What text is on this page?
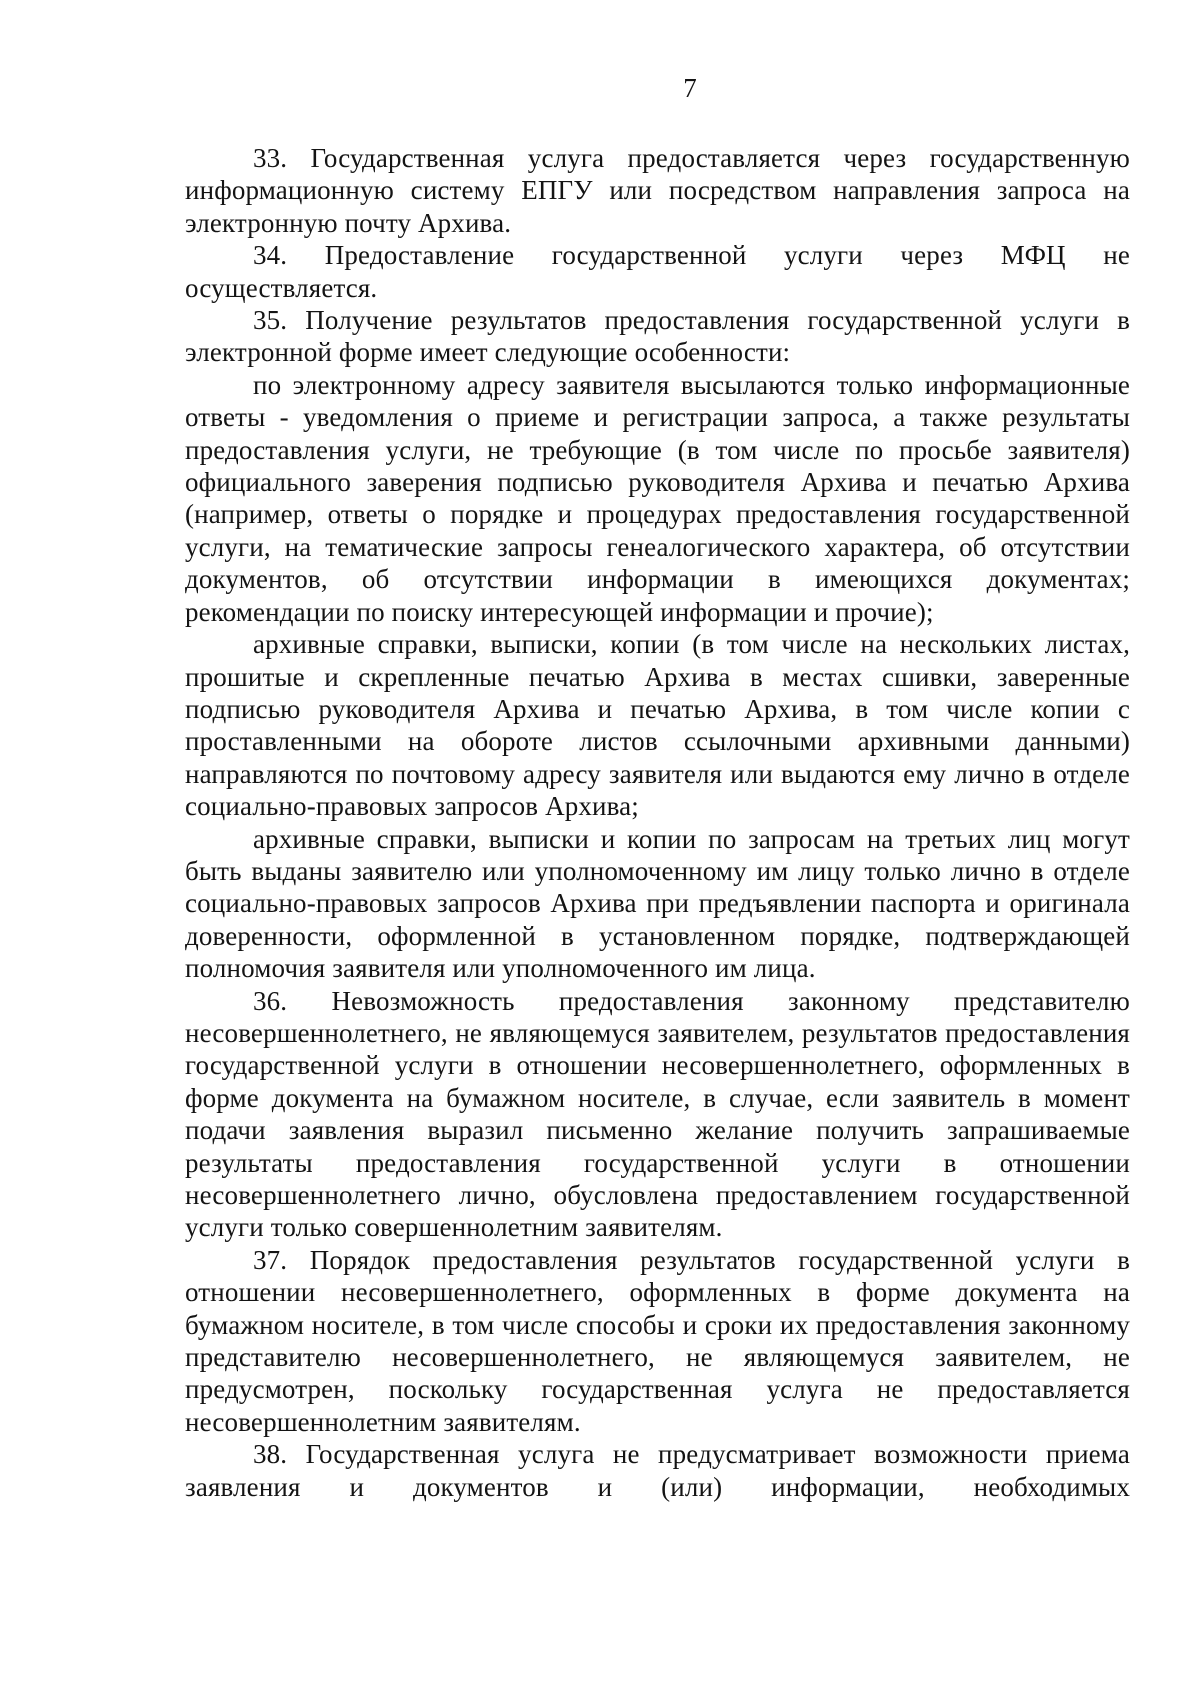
7

33. Государственная услуга предоставляется через государственную информационную систему ЕПГУ или посредством направления запроса на электронную почту Архива.

34. Предоставление государственной услуги через МФЦ не осуществляется.

35. Получение результатов предоставления государственной услуги в электронной форме имеет следующие особенности:

по электронному адресу заявителя высылаются только информационные ответы - уведомления о приеме и регистрации запроса, а также результаты предоставления услуги, не требующие (в том числе по просьбе заявителя) официального заверения подписью руководителя Архива и печатью Архива (например, ответы о порядке и процедурах предоставления государственной услуги, на тематические запросы генеалогического характера, об отсутствии документов, об отсутствии информации в имеющихся документах; рекомендации по поиску интересующей информации и прочие);

архивные справки, выписки, копии (в том числе на нескольких листах, прошитые и скрепленные печатью Архива в местах сшивки, заверенные подписью руководителя Архива и печатью Архива, в том числе копии с проставленными на обороте листов ссылочными архивными данными) направляются по почтовому адресу заявителя или выдаются ему лично в отделе социально-правовых запросов Архива;

архивные справки, выписки и копии по запросам на третьих лиц могут быть выданы заявителю или уполномоченному им лицу только лично в отделе социально-правовых запросов Архива при предъявлении паспорта и оригинала доверенности, оформленной в установленном порядке, подтверждающей полномочия заявителя или уполномоченного им лица.

36. Невозможность предоставления законному представителю несовершеннолетнего, не являющемуся заявителем, результатов предоставления государственной услуги в отношении несовершеннолетнего, оформленных в форме документа на бумажном носителе, в случае, если заявитель в момент подачи заявления выразил письменно желание получить запрашиваемые результаты предоставления государственной услуги в отношении несовершеннолетнего лично, обусловлена предоставлением государственной услуги только совершеннолетним заявителям.

37. Порядок предоставления результатов государственной услуги в отношении несовершеннолетнего, оформленных в форме документа на бумажном носителе, в том числе способы и сроки их предоставления законному представителю несовершеннолетнего, не являющемуся заявителем, не предусмотрен, поскольку государственная услуга не предоставляется несовершеннолетним заявителям.

38. Государственная услуга не предусматривает возможности приема заявления и документов и (или) информации, необходимых
